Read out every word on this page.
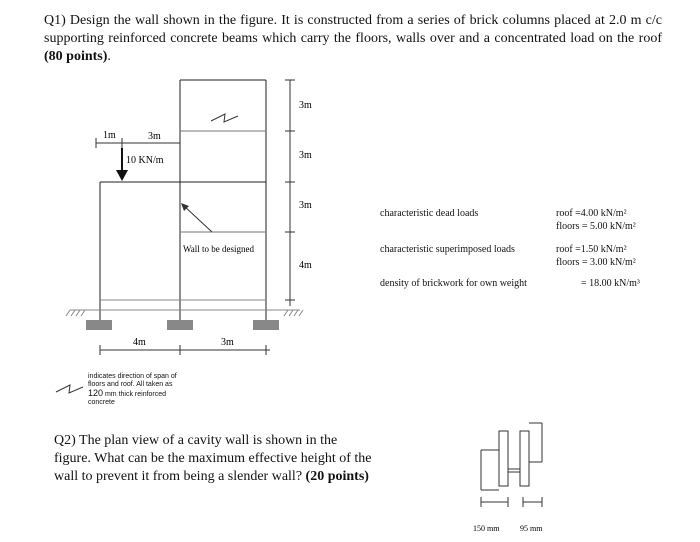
Q1) Design the wall shown in the figure. It is constructed from a series of brick columns placed at 2.0 m c/c supporting reinforced concrete beams which carry the floors, walls over and a concentrated load on the roof (80 points).
1m	3m
10 KN/m
Wall to be designed
3m
3m
3m
4m
4m	3m
150 mm	95 mm
indicates direction of span of
floors and roof. All taken as
120 mm thick reinforced
concrete
characteristic dead loads	roof =4.00 kN/m²
floors = 5.00 kN/m²
characteristic superimposed loads	roof =1.50 kN/m²
floors = 3.00 kN/m²
density of brickwork for own weight	= 18.00 kN/m³
Q2) The plan view of a cavity wall is shown in the figure. What can be the maximum effective height of the wall to prevent it from being a slender wall? (20 points)
